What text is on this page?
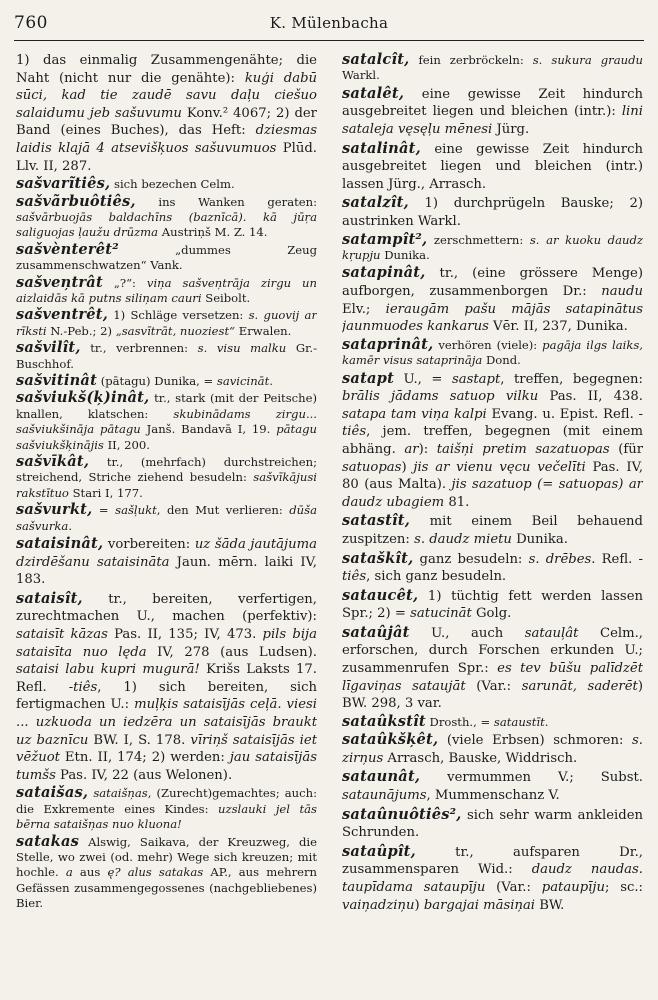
760	K. Mülenbacha
1) das einmalig Zusammengenähte; die Naht (nicht nur die genähte): kuģi dabū sūci, kad tie zaudē savu daļu ciešuo salaidumu jeb sašuvumu Konv.² 4067; 2) der Band (eines Buches), das Heft: dziesmas laidis klajā 4 atsevišķuos sašuvumuos Plūd. Llv. II, 287.
sašvarĩtiês, sich bezechen Celm.
sašvãrbuôtiês, ins Wanken geraten: sašvārbuojās baldachīns (baznīcā). kā jūŗa saliguojas ļaužu drūzma Austriņš M. Z. 14.
sašvènterêt² „dummes Zeug zusammenschwatzen“ Vank.
sašveņtrât „?“: viņa sašveņtrāja zirgu un aizlaidās kā putns siliņam cauri Seibolt.
sašventrêt, 1) Schläge versetzen: s. guovij ar rīksti N.-Peb.; 2) „sasvītrāt, nuoziest“ Erwalen.
sašvilît, tr., verbrennen: s. visu malku Gr.-Buschhof.
sašvitinât (pātagu) Dunika, = savicināt.
sašviukš(ķ)inât, tr., stark (mit der Peitsche) knallen, klatschen: skubinādams zirgu... sašviukšināja pātagu Janš. Bandavā I, 19. pātagu sašviukšķinājis II, 200.
sašvīkât, tr., (mehrfach) durchstreichen; streichend, Striche ziehend besudeln: sašvīkājusi rakstītuo Stari I, 177.
sašvurkt, = sašļukt, den Mut verlieren: dūša sašvurka.
sataisinât, vorbereiten: uz šāda jautājuma dzirdēšanu sataisināta Jaun. mērn. laiki IV, 183.
sataisît, tr., bereiten, verfertigen, zurechtmachen U., machen (perfektiv): sataisīt kāzas Pas. II, 135; IV, 473. pils bija sataisīta nuo lęda IV, 278 (aus Ludsen). sataisi labu kupri mugurā! Krišs Laksts 17. Refl. -tiês, 1) sich bereiten, sich fertigmachen U.: muļķis sataisījās ceļā. viesi ... uzkuoda un iedzēra un sataisījās braukt uz baznīcu BW. I, S. 178. vīriņš sataisījās iet vēžuot Etn. II, 174; 2) werden: jau sataisījās tumšs Pas. IV, 22 (aus Welonen).
sataišas, sataišņas, (Zurecht)gemachtes; auch: die Exkremente eines Kindes: uzslauki jel tās bērna sataišņas nuo kluona!
satakas Alswig, Saikava, der Kreuzweg, die Stelle, wo zwei (od. mehr) Wege sich kreuzen; mit hochle. a aus ę? alus satakas AP., aus mehrern Gefässen zusammengegossenes (nachgebliebenes) Bier.
satalcît, fein zerbröckeln: s. sukura graudu Warkl.
satalêt, eine gewisse Zeit hindurch ausgebreitet liegen und bleichen (intr.): lini sataleja vęsęļu mēnesi Jürg.
satalinât, eine gewisse Zeit hindurch ausgebreitet liegen und bleichen (intr.) lassen Jürg., Arrasch.
satalzît, 1) durchprügeln Bauske; 2) austrinken Warkl.
satampît², zerschmettern: s. ar kuoku daudz kŗupju Dunika.
satapinât, tr., (eine grössere Menge) aufborgen, zusammenborgen Dr.: naudu Elv.; ieraugām pašu mājās satapinātus jaunmuodes kankarus Vēr. II, 237, Dunika.
sataprinât, verhören (viele): pagāja ilgs laiks, kamēr visus sataprināja Dond.
satapt U., = sastapt, treffen, begegnen: brālis jādams satuop vilku Pas. II, 438. satapa tam viņa kalpi Evang. u. Epist. Refl. -tiês, jem. treffen, begegnen (mit einem abhäng. ar): taišņi pretim sazatuopas (für satuopas) jis ar vienu vęcu večelīti Pas. IV, 80 (aus Malta). jis sazatuop (= satuopas) ar daudz ubagiem 81.
satastît, mit einem Beil behauend zuspitzen: s. daudz mietu Dunika.
sataškît, ganz besudeln: s. drēbes. Refl. -tiês, sich ganz besudeln.
sataucêt, 1) tüchtig fett werden lassen Spr.; 2) = satucināt Golg.
sataûjât U., auch satauļât Celm., erforschen, durch Forschen erkunden U.; zusammenrufen Spr.: es tev būšu palīdzēt līgaviņas sataujāt (Var.: sarunāt, saderēt) BW. 298, 3 var.
sataûkstît Drosth., = sataustīt.
sataûkšķêt, (viele Erbsen) schmoren: s. zirņus Arrasch, Bauske, Widdrisch.
sataunât, vermummen V.; Subst. sataunājums, Mummenschanz V.
sataûnuôtiês², sich sehr warm ankleiden Schrunden.
sataûpît, tr., aufsparen Dr., zusammensparen Wid.: daudz naudas. taupīdama sataupīju (Var.: pataupīju; sc.: vaiņadziņu) bargajai māsiņai BW.
